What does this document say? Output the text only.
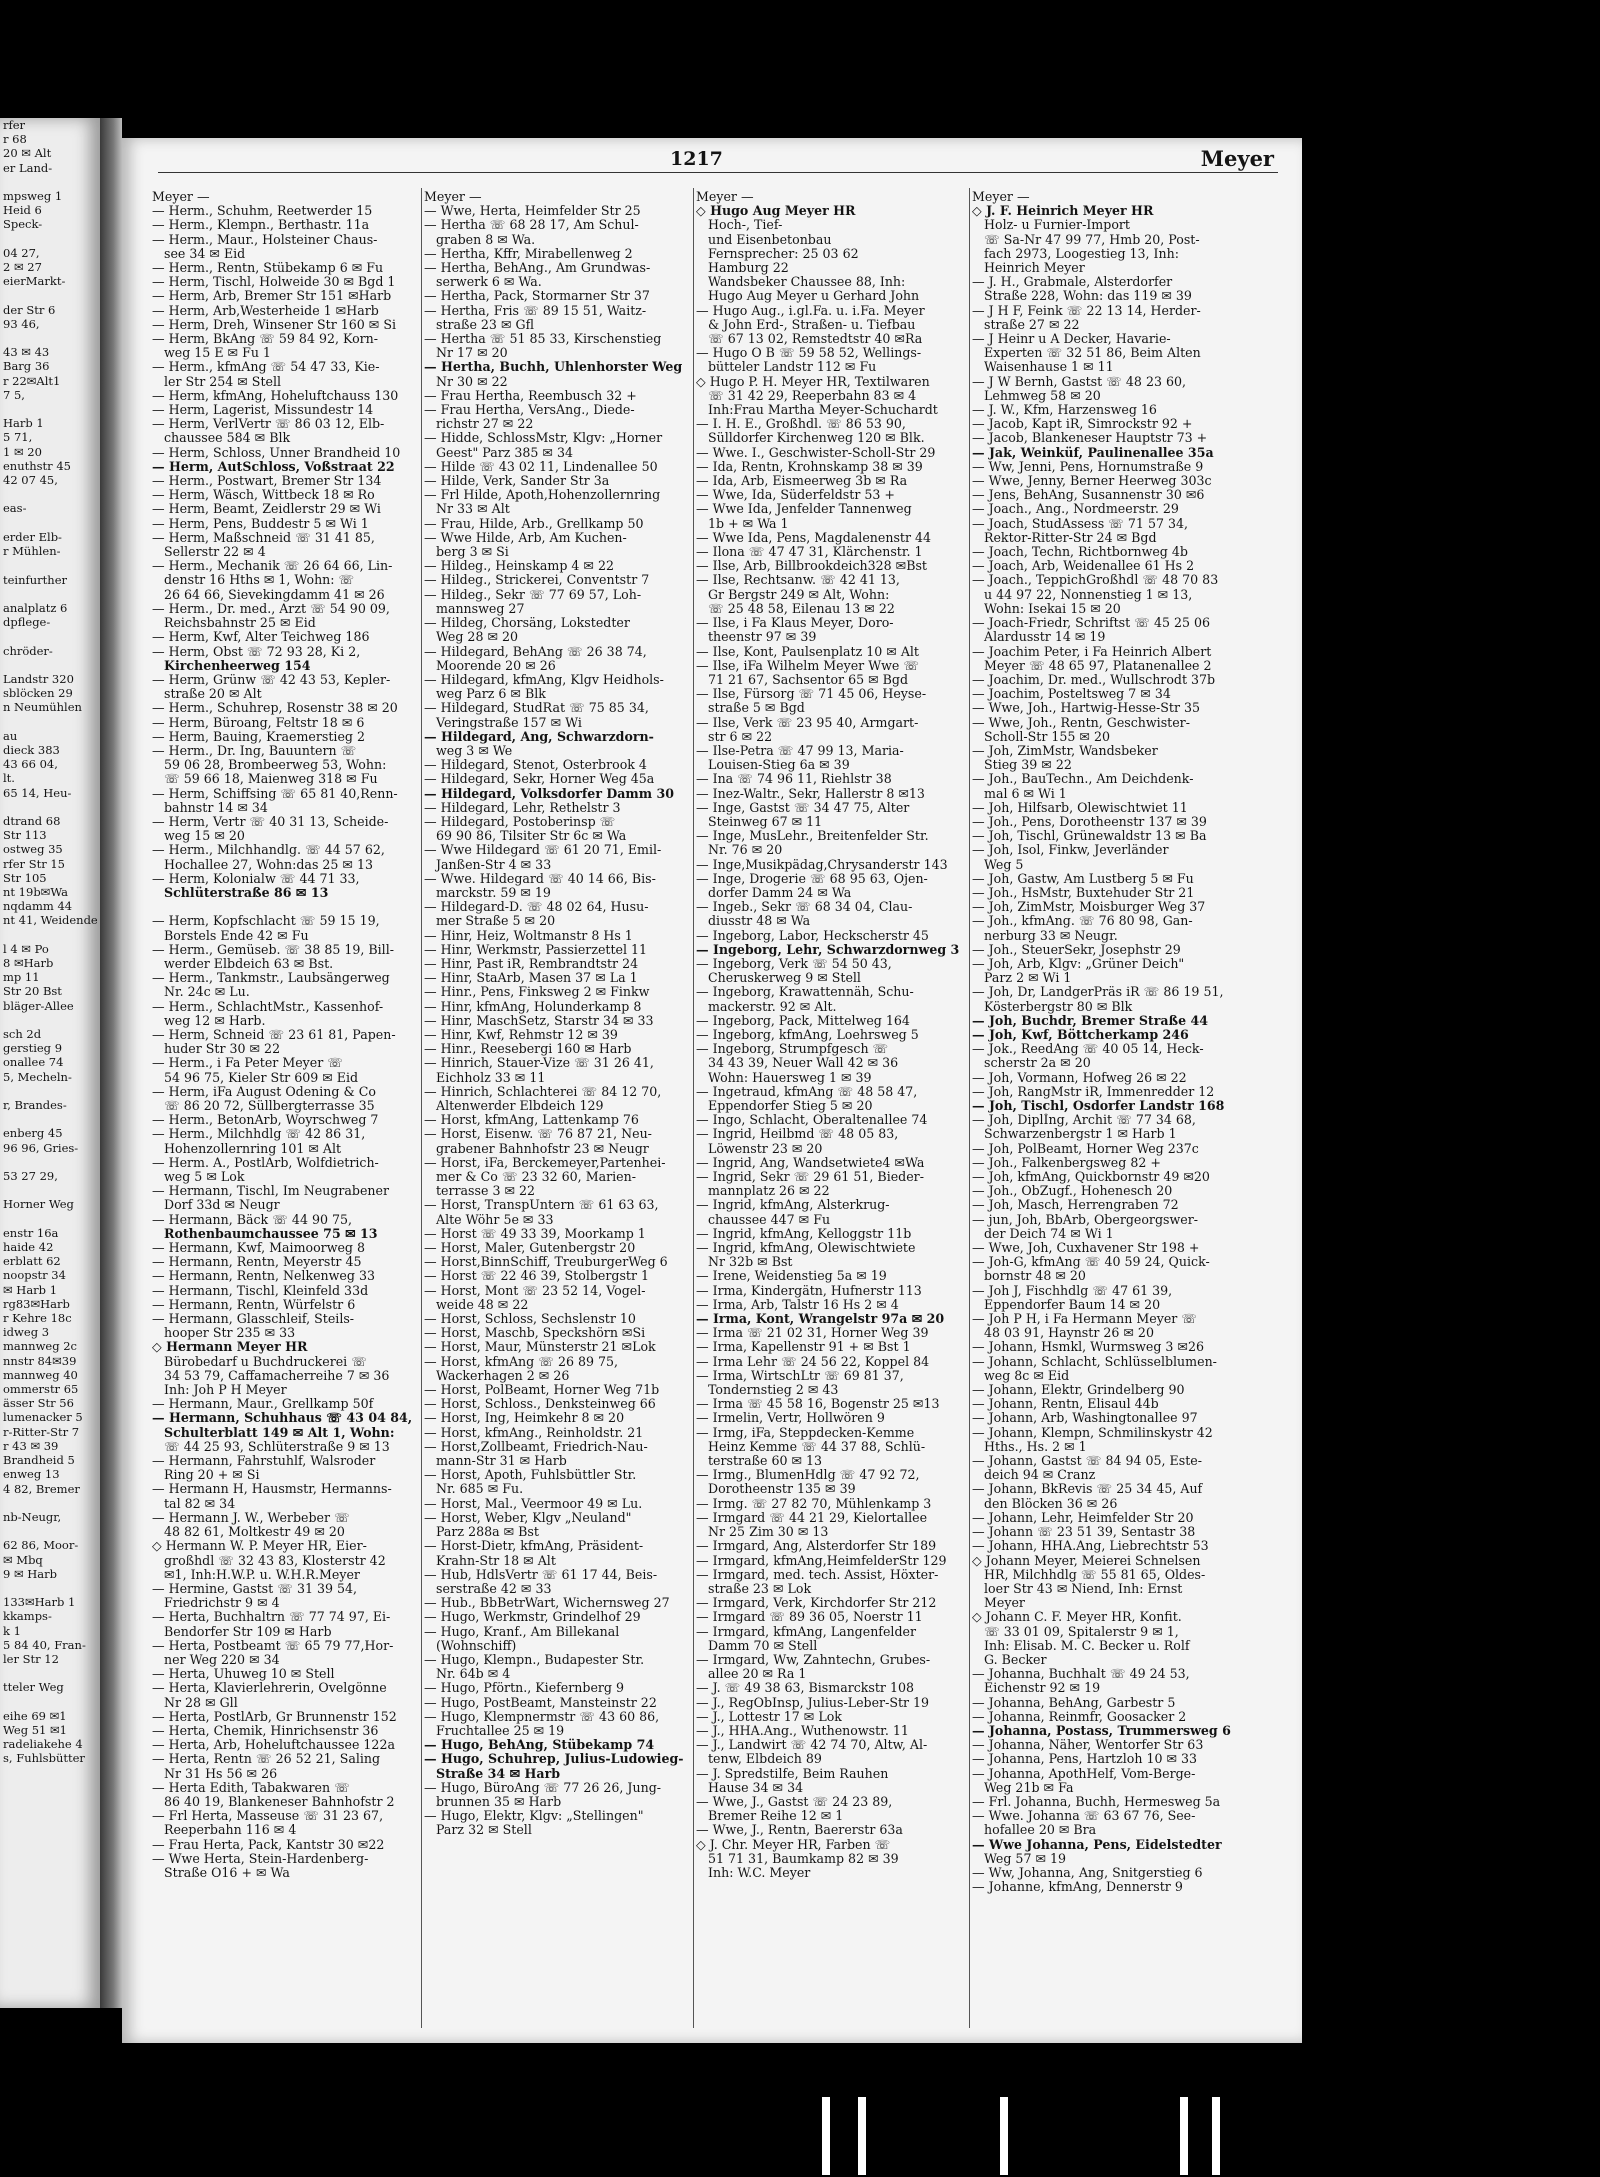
rfer
r 68
20 ✉ Alt
er Land-

mpsweg 1
Heid 6
Speck-

04 27,
2 ✉ 27
eierMarkt-

der Str 6
93 46,

43 ✉ 43
Barg 36
r 22✉Alt1
7 5,

Harb 1
5 71,
1 ✉ 20
enuthstr 45
42 07 45,

eas-

erder Elb-
r Mühlen-

teinfurther

analplatz 6
dpflege-

chröder-

Landstr 320
sblöcken 29
n Neumühlen

au
dieck 383
43 66 04,
lt.
65 14, Heu-

dtrand 68
Str 113
ostweg 35
rfer Str 15
Str 105
nt 19b✉Wa
nqdamm 44
nt 41, Weidende

l 4 ✉ Po
8 ✉Harb
mp 11
Str 20 Bst
bläger-Allee

sch 2d
gerstieg 9
onallee 74
5, Mecheln-

r, Brandes-

enberg 45
96 96, Gries-

53 27 29,

Horner Weg

enstr 16a
haide 42
erblatt 62
noopstr 34
✉ Harb 1
rg83✉Harb
r Kehre 18c
idweg 3
mannweg 2c
nnstr 84✉39
mannweg 40
ommerstr 65
ässer Str 56
lumenacker 5
r-Ritter-Str 7
r 43 ✉ 39
Brandheid 5
enweg 13
4 82, Bremer

nb-Neugr,

62 86, Moor-
✉ Mbq
9 ✉ Harb

133✉Harb 1
kkamps-
k 1
5 84 40, Fran-
ler Str 12

tteler Weg

eihe 69 ✉1
Weg 51 ✉1
radeliakehe 4
s, Fuhlsbütter
1217	Meyer
Meyer —
— Herm., Schuhm, Reetwerder 15
— Herm., Klempn., Berthastr. 11a
— Herm., Maur., Holsteiner Chaus-
see 34 ✉ Eid
— Herm., Rentn, Stübekamp 6 ✉ Fu
— Herm, Tischl, Holweide 30 ✉ Bgd 1
— Herm, Arb, Bremer Str 151 ✉Harb
— Herm, Arb,Westerheide 1 ✉Harb
— Herm, Dreh, Winsener Str 160 ✉ Si
— Herm, BkAng ☏ 59 84 92, Korn-
weg 15 E ✉ Fu 1
— Herm., kfmAng ☏ 54 47 33, Kie-
ler Str 254 ✉ Stell
— Herm, kfmAng, Hoheluftchauss 130
— Herm, Lagerist, Missundestr 14
— Herm, VerlVertr ☏ 86 03 12, Elb-
chaussee 584 ✉ Blk
— Herm, Schloss, Unner Brandheid 10
— Herm, AutSchloss, Voßstraat 22
— Herm., Postwart, Bremer Str 134
— Herm, Wäsch, Wittbeck 18 ✉ Ro
— Herm, Beamt, Zeidlerstr 29 ✉ Wi
— Herm, Pens, Buddestr 5 ✉ Wi 1
— Herm, Maßschneid ☏ 31 41 85,
Sellerstr 22 ✉ 4
— Herm., Mechanik ☏ 26 64 66, Lin-
denstr 16 Hths ✉ 1, Wohn: ☏
26 64 66, Sievekingdamm 41 ✉ 26
— Herm., Dr. med., Arzt ☏ 54 90 09,
Reichsbahnstr 25 ✉ Eid
— Herm, Kwf, Alter Teichweg 186
— Herm, Obst ☏ 72 93 28, Ki 2,
Kirchenheerweg 154
— Herm, Grünw ☏ 42 43 53, Kepler-
straße 20 ✉ Alt
— Herm., Schuhrep, Rosenstr 38 ✉ 20
— Herm, Büroang, Feltstr 18 ✉ 6
— Herm, Bauing, Kraemerstieg 2
— Herm., Dr. Ing, Bauuntern ☏
59 06 28, Brombeerweg 53, Wohn:
☏ 59 66 18, Maienweg 318 ✉ Fu
— Herm, Schiffsing ☏ 65 81 40,Renn-
bahnstr 14 ✉ 34
— Herm, Vertr ☏ 40 31 13, Scheide-
weg 15 ✉ 20
— Herm., Milchhandlg. ☏ 44 57 62,
Hochallee 27, Wohn:das 25 ✉ 13
— Herm, Kolonialw ☏ 44 71 33,
Schlüterstraße 86 ✉ 13

— Herm, Kopfschlacht ☏ 59 15 19,
Borstels Ende 42 ✉ Fu
— Herm., Gemüseb. ☏ 38 85 19, Bill-
werder Elbdeich 63 ✉ Bst.
— Herm., Tankmstr., Laubsängerweg
Nr. 24c ✉ Lu.
— Herm., SchlachtMstr., Kassenhof-
weg 12 ✉ Harb.
— Herm, Schneid ☏ 23 61 81, Papen-
huder Str 30 ✉ 22
— Herm., i Fa Peter Meyer ☏
54 96 75, Kieler Str 609 ✉ Eid
— Herm, iFa August Odening & Co
☏ 86 20 72, Süllbergterrasse 35
— Herm., BetonArb, Woyrschweg 7
— Herm., Milchhdlg ☏ 42 86 31,
Hohenzollernring 101 ✉ Alt
— Herm. A., PostlArb, Wolfdietrich-
weg 5 ✉ Lok
— Hermann, Tischl, Im Neugrabener
Dorf 33d ✉ Neugr
— Hermann, Bäck ☏ 44 90 75,
Rothenbaumchaussee 75 ✉ 13
— Hermann, Kwf, Maimoorweg 8
— Hermann, Rentn, Meyerstr 45
— Hermann, Rentn, Nelkenweg 33
— Hermann, Tischl, Kleinfeld 33d
— Hermann, Rentn, Würfelstr 6
— Hermann, Glasschleif, Steils-
hooper Str 235 ✉ 33
◇ Hermann Meyer HR
Bürobedarf u Buchdruckerei ☏
34 53 79, Caffamacherreihe 7 ✉ 36
Inh: Joh P H Meyer
— Hermann, Maur., Grellkamp 50f
— Hermann, Schuhhaus ☏ 43 04 84,
Schulterblatt 149 ✉ Alt 1, Wohn:
☏ 44 25 93, Schlüterstraße 9 ✉ 13
— Hermann, Fahrstuhlf, Walsroder
Ring 20 + ✉ Si
— Hermann H, Hausmstr, Hermanns-
tal 82 ✉ 34
— Hermann J. W., Werbeber ☏
48 82 61, Moltkestr 49 ✉ 20
◇ Hermann W. P. Meyer HR, Eier-
großhdl ☏ 32 43 83, Klosterstr 42
✉1, Inh:H.W.P. u. W.H.R.Meyer
— Hermine, Gastst ☏ 31 39 54,
Friedrichstr 9 ✉ 4
— Herta, Buchhaltrn ☏ 77 74 97, Ei-
Bendorfer Str 109 ✉ Harb
— Herta, Postbeamt ☏ 65 79 77,Hor-
ner Weg 220 ✉ 34
— Herta, Uhuweg 10 ✉ Stell
— Herta, Klavierlehrerin, Övelgönne
Nr 28 ✉ Gll
— Herta, PostlArb, Gr Brunnenstr 152
— Herta, Chemik, Hinrichsenstr 36
— Herta, Arb, Hoheluftchaussee 122a
— Herta, Rentn ☏ 26 52 21, Saling
Nr 31 Hs 56 ✉ 26
— Herta Edith, Tabakwaren ☏
86 40 19, Blankeneser Bahnhofstr 2
— Frl Herta, Masseuse ☏ 31 23 67,
Reeperbahn 116 ✉ 4
— Frau Herta, Pack, Kantstr 30 ✉22
— Wwe Herta, Stein-Hardenberg-
Straße O16 + ✉ Wa
Meyer —
— Wwe, Herta, Heimfelder Str 25
— Hertha ☏ 68 28 17, Am Schul-
graben 8 ✉ Wa.
— Hertha, Kffr, Mirabellenweg 2
— Hertha, BehAng., Am Grundwas-
serwerk 6 ✉ Wa.
— Hertha, Pack, Stormarner Str 37
— Hertha, Fris ☏ 89 15 51, Waitz-
straße 23 ✉ Gfl
— Hertha ☏ 51 85 33, Kirschenstieg
Nr 17 ✉ 20
— Hertha, Buchh, Uhlenhorster Weg
Nr 30 ✉ 22
— Frau Hertha, Reembusch 32 +
— Frau Hertha, VersAng., Diede-
richstr 27 ✉ 22
— Hidde, SchlossMstr, Klgv: „Horner
Geest" Parz 385 ✉ 34
— Hilde ☏ 43 02 11, Lindenallee 50
— Hilde, Verk, Sander Str 3a
— Frl Hilde, Apoth,Hohenzollernring
Nr 33 ✉ Alt
— Frau, Hilde, Arb., Grellkamp 50
— Wwe Hilde, Arb, Am Kuchen-
berg 3 ✉ Si
— Hildeg., Heinskamp 4 ✉ 22
— Hildeg., Strickerei, Conventstr 7
— Hildeg., Sekr ☏ 77 69 57, Loh-
mannsweg 27
— Hildeg, Chorsäng, Lokstedter
Weg 28 ✉ 20
— Hildegard, BehAng ☏ 26 38 74,
Moorende 20 ✉ 26
— Hildegard, kfmAng, Klgv Heidhols-
weg Parz 6 ✉ Blk
— Hildegard, StudRat ☏ 75 85 34,
Veringstraße 157 ✉ Wi
— Hildegard, Ang, Schwarzdorn-
weg 3 ✉ We
— Hildegard, Stenot, Osterbrook 4
— Hildegard, Sekr, Horner Weg 45a
— Hildegard, Volksdorfer Damm 30
— Hildegard, Lehr, Rethelstr 3
— Hildegard, Postoberinsp ☏
69 90 86, Tilsiter Str 6c ✉ Wa
— Wwe Hildegard ☏ 61 20 71, Emil-
Janßen-Str 4 ✉ 33
— Wwe. Hildegard ☏ 40 14 66, Bis-
marckstr. 59 ✉ 19
— Hildegard-D. ☏ 48 02 64, Husu-
mer Straße 5 ✉ 20
— Hinr, Heiz, Woltmanstr 8 Hs 1
— Hinr, Werkmstr, Passierzettel 11
— Hinr, Past iR, Rembrandtstr 24
— Hinr, StaArb, Masen 37 ✉ La 1
— Hinr., Pens, Finksweg 2 ✉ Finkw
— Hinr, kfmAng, Holunderkamp 8
— Hinr, MaschSetz, Starstr 34 ✉ 33
— Hinr, Kwf, Rehmstr 12 ✉ 39
— Hinr., Reesebergi 160 ✉ Harb
— Hinrich, Stauer-Vize ☏ 31 26 41,
Eichholz 33 ✉ 11
— Hinrich, Schlachterei ☏ 84 12 70,
Altenwerder Elbdeich 129
— Horst, kfmAng, Lattenkamp 76
— Horst, Eisenw. ☏ 76 87 21, Neu-
grabener Bahnhofstr 23 ✉ Neugr
— Horst, iFa, Berckemeyer,Partenhei-
mer & Co ☏ 23 32 60, Marien-
terrasse 3 ✉ 22
— Horst, TranspUntern ☏ 61 63 63,
Alte Wöhr 5e ✉ 33
— Horst ☏ 49 33 39, Moorkamp 1
— Horst, Maler, Gutenbergstr 20
— Horst,BinnSchiff, TreuburgerWeg 6
— Horst ☏ 22 46 39, Stolbergstr 1
— Horst, Mont ☏ 23 52 14, Vogel-
weide 48 ✉ 22
— Horst, Schloss, Sechslenstr 10
— Horst, Maschb, Speckshörn ✉Si
— Horst, Maur, Münsterstr 21 ✉Lok
— Horst, kfmAng ☏ 26 89 75,
Wackerhagen 2 ✉ 26
— Horst, PolBeamt, Horner Weg 71b
— Horst, Schloss., Denksteinweg 66
— Horst, Ing, Heimkehr 8 ✉ 20
— Horst, kfmAng., Reinholdstr. 21
— Horst,Zollbeamt, Friedrich-Nau-
mann-Str 31 ✉ Harb
— Horst, Apoth, Fuhlsbüttler Str.
Nr. 685 ✉ Fu.
— Horst, Mal., Veermoor 49 ✉ Lu.
— Horst, Weber, Klgv „Neuland"
Parz 288a ✉ Bst
— Horst-Dietr, kfmAng, Präsident-
Krahn-Str 18 ✉ Alt
— Hub, HdlsVertr ☏ 61 17 44, Beis-
serstraße 42 ✉ 33
— Hub., BbBetrWart, Wichernsweg 27
— Hugo, Werkmstr, Grindelhof 29
— Hugo, Kranf., Am Billekanal
(Wohnschiff)
— Hugo, Klempn., Budapester Str.
Nr. 64b ✉ 4
— Hugo, Pförtn., Kiefernberg 9
— Hugo, PostBeamt, Mansteinstr 22
— Hugo, Klempnermstr ☏ 43 60 86,
Fruchtallee 25 ✉ 19
— Hugo, BehAng, Stübekamp 74
— Hugo, Schuhrep, Julius-Ludowieg-
Straße 34 ✉ Harb
— Hugo, BüroAng ☏ 77 26 26, Jung-
brunnen 35 ✉ Harb
— Hugo, Elektr, Klgv: „Stellingen"
Parz 32 ✉ Stell
Meyer —
◇ Hugo Aug Meyer HR
Hoch-, Tief-
und Eisenbetonbau
Fernsprecher: 25 03 62
Hamburg 22
Wandsbeker Chaussee 88, Inh:
Hugo Aug Meyer u Gerhard John
— Hugo Aug., i.gl.Fa. u. i.Fa. Meyer
& John Erd-, Straßen- u. Tiefbau
☏ 67 13 02, Remstedtstr 40 ✉Ra
— Hugo O B ☏ 59 58 52, Wellings-
bütteler Landstr 112 ✉ Fu
◇ Hugo P. H. Meyer HR, Textilwaren
☏ 31 42 29, Reeperbahn 83 ✉ 4
Inh:Frau Martha Meyer-Schuchardt
— I. H. E., Großhdl. ☏ 86 53 90,
Sülldorfer Kirchenweg 120 ✉ Blk.
— Wwe. I., Geschwister-Scholl-Str 29
— Ida, Rentn, Krohnskamp 38 ✉ 39
— Ida, Arb, Eismeerweg 3b ✉ Ra
— Wwe, Ida, Süderfeldstr 53 +
— Wwe Ida, Jenfelder Tannenweg
1b + ✉ Wa 1
— Wwe Ida, Pens, Magdalenenstr 44
— Ilona ☏ 47 47 31, Klärchenstr. 1
— Ilse, Arb, Billbrookdeich328 ✉Bst
— Ilse, Rechtsanw. ☏ 42 41 13,
Gr Bergstr 249 ✉ Alt, Wohn:
☏ 25 48 58, Eilenau 13 ✉ 22
— Ilse, i Fa Klaus Meyer, Doro-
theenstr 97 ✉ 39
— Ilse, Kont, Paulsenplatz 10 ✉ Alt
— Ilse, iFa Wilhelm Meyer Wwe ☏
71 21 67, Sachsentor 65 ✉ Bgd
— Ilse, Fürsorg ☏ 71 45 06, Heyse-
straße 5 ✉ Bgd
— Ilse, Verk ☏ 23 95 40, Armgart-
str 6 ✉ 22
— Ilse-Petra ☏ 47 99 13, Maria-
Louisen-Stieg 6a ✉ 39
— Ina ☏ 74 96 11, Riehlstr 38
— Inez-Waltr., Sekr, Hallerstr 8 ✉13
— Inge, Gastst ☏ 34 47 75, Alter
Steinweg 67 ✉ 11
— Inge, MusLehr., Breitenfelder Str.
Nr. 76 ✉ 20
— Inge,Musikpädag,Chrysanderstr 143
— Inge, Drogerie ☏ 68 95 63, Ojen-
dorfer Damm 24 ✉ Wa
— Ingeb., Sekr ☏ 68 34 04, Clau-
diusstr 48 ✉ Wa
— Ingeborg, Labor, Heckscherstr 45
— Ingeborg, Lehr, Schwarzdornweg 3
— Ingeborg, Verk ☏ 54 50 43,
Cheruskerweg 9 ✉ Stell
— Ingeborg, Krawattennäh, Schu-
mackerstr. 92 ✉ Alt.
— Ingeborg, Pack, Mittelweg 164
— Ingeborg, kfmAng, Loehrsweg 5
— Ingeborg, Strumpfgesch ☏
34 43 39, Neuer Wall 42 ✉ 36
Wohn: Hauersweg 1 ✉ 39
— Ingetraud, kfmAng ☏ 48 58 47,
Eppendorfer Stieg 5 ✉ 20
— Ingo, Schlacht, Oberaltenallee 74
— Ingrid, Heilbmd ☏ 48 05 83,
Löwenstr 23 ✉ 20
— Ingrid, Ang, Wandsetwiete4 ✉Wa
— Ingrid, Sekr ☏ 29 61 51, Bieder-
mannplatz 26 ✉ 22
— Ingrid, kfmAng, Alsterkrug-
chaussee 447 ✉ Fu
— Ingrid, kfmAng, Kelloggstr 11b
— Ingrid, kfmAng, Olewischtwiete
Nr 32b ✉ Bst
— Irene, Weidenstieg 5a ✉ 19
— Irma, Kindergätn, Hufnerstr 113
— Irma, Arb, Talstr 16 Hs 2 ✉ 4
— Irma, Kont, Wrangelstr 97a ✉ 20
— Irma ☏ 21 02 31, Horner Weg 39
— Irma, Kapellenstr 91 + ✉ Bst 1
— Irma Lehr ☏ 24 56 22, Koppel 84
— Irma, WirtschLtr ☏ 69 81 37,
Tondernstieg 2 ✉ 43
— Irma ☏ 45 58 16, Bogenstr 25 ✉13
— Irmelin, Vertr, Hollwören 9
— Irmg, iFa, Steppdecken-Kemme
Heinz Kemme ☏ 44 37 88, Schlü-
terstraße 60 ✉ 13
— Irmg., BlumenHdlg ☏ 47 92 72,
Dorotheenstr 135 ✉ 39
— Irmg. ☏ 27 82 70, Mühlenkamp 3
— Irmgard ☏ 44 21 29, Kielortallee
Nr 25 Zim 30 ✉ 13
— Irmgard, Ang, Alsterdorfer Str 189
— Irmgard, kfmAng,HeimfelderStr 129
— Irmgard, med. tech. Assist, Höxter-
straße 23 ✉ Lok
— Irmgard, Verk, Kirchdorfer Str 212
— Irmgard ☏ 89 36 05, Noerstr 11
— Irmgard, kfmAng, Langenfelder
Damm 70 ✉ Stell
— Irmgard, Ww, Zahntechn, Grubes-
allee 20 ✉ Ra 1
— J. ☏ 49 38 63, Bismarckstr 108
— J., RegObInsp, Julius-Leber-Str 19
— J., Lottestr 17 ✉ Lok
— J., HHA.Ang., Wuthenowstr. 11
— J., Landwirt ☏ 42 74 70, Altw, Al-
tenw, Elbdeich 89
— J. Spredstilfe, Beim Rauhen
Hause 34 ✉ 34
— Wwe, J., Gastst ☏ 24 23 89,
Bremer Reihe 12 ✉ 1
— Wwe, J., Rentn, Baererstr 63a
◇ J. Chr. Meyer HR, Farben ☏
51 71 31, Baumkamp 82 ✉ 39
Inh: W.C. Meyer
Meyer —
◇ J. F. Heinrich Meyer HR
Holz- u Furnier-Import
☏ Sa-Nr 47 99 77, Hmb 20, Post-
fach 2973, Loogestieg 13, Inh:
Heinrich Meyer
— J. H., Grabmale, Alsterdorfer
Straße 228, Wohn: das 119 ✉ 39
— J H F, Feink ☏ 22 13 14, Herder-
straße 27 ✉ 22
— J Heinr u A Decker, Havarie-
Experten ☏ 32 51 86, Beim Alten
Waisenhause 1 ✉ 11
— J W Bernh, Gastst ☏ 48 23 60,
Lehmweg 58 ✉ 20
— J. W., Kfm, Harzensweg 16
— Jacob, Kapt iR, Simrockstr 92 +
— Jacob, Blankeneser Hauptstr 73 +
— Jak, Weinküf, Paulinenallee 35a
— Ww, Jenni, Pens, Hornumstraße 9
— Wwe, Jenny, Berner Heerweg 303c
— Jens, BehAng, Susannenstr 30 ✉6
— Joach., Ang., Nordmeerstr. 29
— Joach, StudAssess ☏ 71 57 34,
Rektor-Ritter-Str 24 ✉ Bgd
— Joach, Techn, Richtbornweg 4b
— Joach, Arb, Weidenallee 61 Hs 2
— Joach., TeppichGroßhdl ☏ 48 70 83
u 44 97 22, Nonnenstieg 1 ✉ 13,
Wohn: Isekai 15 ✉ 20
— Joach-Friedr, Schriftst ☏ 45 25 06
Alardusstr 14 ✉ 19
— Joachim Peter, i Fa Heinrich Albert
Meyer ☏ 48 65 97, Platanenallee 2
— Joachim, Dr. med., Wullschrodt 37b
— Joachim, Posteltsweg 7 ✉ 34
— Wwe, Joh., Hartwig-Hesse-Str 35
— Wwe, Joh., Rentn, Geschwister-
Scholl-Str 155 ✉ 20
— Joh, ZimMstr, Wandsbeker
Stieg 39 ✉ 22
— Joh., BauTechn., Am Deichdenk-
mal 6 ✉ Wi 1
— Joh, Hilfsarb, Olewischtwiet 11
— Joh., Pens, Dorotheenstr 137 ✉ 39
— Joh, Tischl, Grünewaldstr 13 ✉ Ba
— Joh, Isol, Finkw, Jeverländer
Weg 5
— Joh, Gastw, Am Lustberg 5 ✉ Fu
— Joh., HsMstr, Buxtehuder Str 21
— Joh, ZimMstr, Moisburger Weg 37
— Joh., kfmAng. ☏ 76 80 98, Gan-
nerburg 33 ✉ Neugr.
— Joh., SteuerSekr, Josephstr 29
— Joh, Arb, Klgv: „Grüner Deich"
Parz 2 ✉ Wi 1
— Joh, Dr, LandgerPräs iR ☏ 86 19 51,
Kösterbergstr 80 ✉ Blk
— Joh, Buchdr, Bremer Straße 44
— Joh, Kwf, Böttcherkamp 246
— Jok., ReedAng ☏ 40 05 14, Heck-
scherstr 2a ✉ 20
— Joh, Vormann, Hofweg 26 ✉ 22
— Joh, RangMstr iR, Immenredder 12
— Joh, Tischl, Osdorfer Landstr 168
— Joh, Diplİng, Archit ☏ 77 34 68,
Schwarzenbergstr 1 ✉ Harb 1
— Joh, PolBeamt, Horner Weg 237c
— Joh., Falkenbergsweg 82 +
— Joh, kfmAng, Quickbornstr 49 ✉20
— Joh., ObZugf., Hohenesch 20
— Joh, Masch, Herrengraben 72
— jun, Joh, BbArb, Obergeorgswer-
der Deich 74 ✉ Wi 1
— Wwe, Joh, Cuxhavener Str 198 +
— Joh-G, kfmAng ☏ 40 59 24, Quick-
bornstr 48 ✉ 20
— Joh J, Fischhdlg ☏ 47 61 39,
Eppendorfer Baum 14 ✉ 20
— Joh P H, i Fa Hermann Meyer ☏
48 03 91, Haynstr 26 ✉ 20
— Johann, Hsmkl, Wurmsweg 3 ✉26
— Johann, Schlacht, Schlüsselblumen-
weg 8c ✉ Eid
— Johann, Elektr, Grindelberg 90
— Johann, Rentn, Elisaul 44b
— Johann, Arb, Washingtonallee 97
— Johann, Klempn, Schmilinskystr 42
Hths., Hs. 2 ✉ 1
— Johann, Gastst ☏ 84 94 05, Este-
deich 94 ✉ Cranz
— Johann, BkRevis ☏ 25 34 45, Auf
den Blöcken 36 ✉ 26
— Johann, Lehr, Heimfelder Str 20
— Johann ☏ 23 51 39, Sentastr 38
— Johann, HHA.Ang, Liebrechtstr 53
◇ Johann Meyer, Meierei Schnelsen
HR, Milchhdlg ☏ 55 81 65, Oldes-
loer Str 43 ✉ Niend, Inh: Ernst
Meyer
◇ Johann C. F. Meyer HR, Konfit.
☏ 33 01 09, Spitalerstr 9 ✉ 1,
Inh: Elisab. M. C. Becker u. Rolf
G. Becker
— Johanna, Buchhalt ☏ 49 24 53,
Eichenstr 92 ✉ 19
— Johanna, BehAng, Garbestr 5
— Johanna, Reinmfr, Goosacker 2
— Johanna, Postass, Trummersweg 6
— Johanna, Näher, Wentorfer Str 63
— Johanna, Pens, Hartzloh 10 ✉ 33
— Johanna, ApothHelf, Vom-Berge-
Weg 21b ✉ Fa
— Frl. Johanna, Buchh, Hermesweg 5a
— Wwe. Johanna ☏ 63 67 76, See-
hofallee 20 ✉ Bra
— Wwe Johanna, Pens, Eidelstedter
Weg 57 ✉ 19
— Ww, Johanna, Ang, Snitgerstieg 6
— Johanne, kfmAng, Dennerstr 9
